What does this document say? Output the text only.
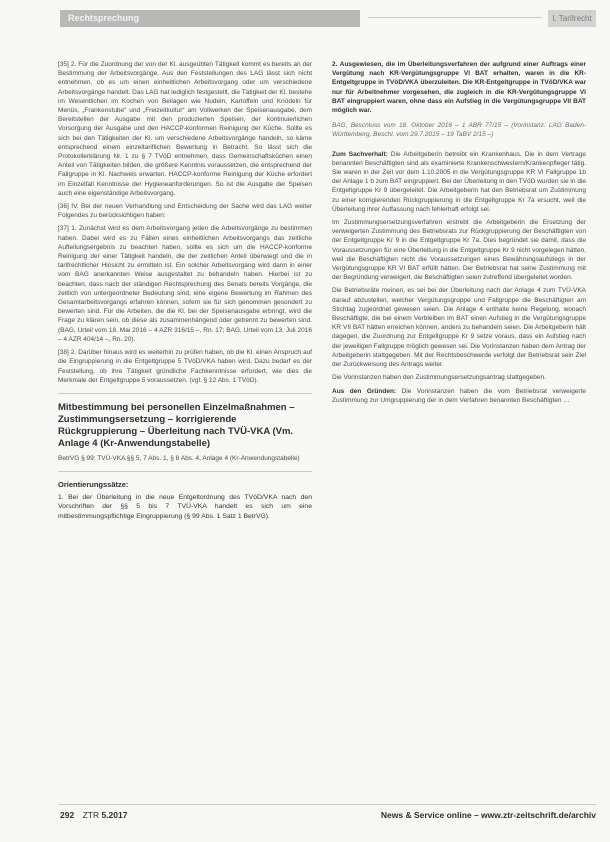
Rechtsprechung	I. Tarifrecht

[35] 2. Für die Zuordnung der von der Kl. ausgeübten Tätigkeit kommt es bereits an der Bestimmung der Arbeitsvorgänge. Aus den Feststellungen des LAG lässt sich nicht entnehmen, ob es um einen einheitlichen Arbeitsvorgang oder um verschiedene Arbeitsvorgänge handelt. Das LAG hat lediglich festgestellt, die Tätigkeit der Kl. bestehe im Wesentlichen im Kochen von Beilagen wie Nudeln, Kartoffeln und Knödeln für Menüs, „Frankenstube“ und „Freizeitkultur“ am Vollwerken der Speisenausgabe, dem Bereitstellen der Ausgabe mit den produzierten Speisen, der kontinuierlichen Vorsorgung der Ausgabe und den HACCP-konformen Reinigung der Küche. Sollte es sich bei den Tätigkeiten der Kl. um verschiedene Arbeitsvorgänge handeln, so käme entsprechend einem einzeltariflichen Bewertung in Betracht. So lässt sich die Protokollerklärung Nr. 1 zu § 7 TVöD entnehmen, dass Gemeinschaftsküchen einen Anteil von Tätigkeiten bilden, die größere Kenntnis voraussetzen, die entsprechend der Fallgruppe in Kl. Nachweis erwarten. HACCP-konforme Reinigung der Küche erfordert im Einzelfall Kenntnisse der Hygieneanforderungen. So ist die Ausgabe der Speisen auch eine eigenständige Arbeitsvorgang.

[36] IV. Bei der neuen Verhandlung und Entscheidung der Sache wird das LAG weiter Folgendes zu berücksichtigen haben:

[37] 1. Zunächst wird es dem Arbeitsvorgang jeden die Arbeitsvorgänge zu bestimmen haben. Dabei wird es zu Fällen eines einheitlichen Arbeitsvorgangs das zeitliche Aufteilungsergebnis zu beachten haben, sollte es sich um die HACCP-konforme Reinigung der einer Tätigkeit handeln, die der zeitlichen Anteil überwiegt und die in tarifrechtlicher Hinsicht zu ermitteln ist. Ein solcher Arbeitsvorgang wird dann in einer vom BAG anerkannten Weise ausgestaltet zu behandeln haben. Hierbei ist zu beachten, dass nach der ständigen Rechtsprechung des Senats bereits Vorgänge, die zeitlich von untergeordneter Bedeutung sind, eine eigene Bewertung im Rahmen des Gesamtarbeitsvorgangs erfahren können, sofern sie für sich genommen gesondert zu bewerten sind. Für die Arbeiten, die die Kl. bei der Speisenausgabe erbringt, wird die Frage zu klären sein, ob diese als zusammenhängend oder getrennt zu bewerten sind. (BAG, Urteil vom 18. Mai 2016 – 4 AZR 316/15 –, Rn. 17; BAG, Urteil vom 13. Juli 2016 – 4 AZR 404/14 –, Rn. 20).

[38] 2. Darüber hinaus wird es weiterhin zu prüfen haben, ob die Kl. einen Anspruch auf die Eingruppierung in die Entgeltgruppe 5 TVöD/VKA haben wird. Dazu bedarf es der Feststellung, ob ihre Tätigkeit gründliche Fachkenntnisse erfordert, wie dies die Merkmale der Entgeltgruppe 5 voraussetzen. (vgl. § 12 Abs. 1 TVöD).

Mitbestimmung bei personellen Einzelmaßnahmen – Zustimmungsersetzung – korrigierende Rückgruppierung – Überleitung nach TVÜ-VKA (Vm. Anlage 4 (Kr-Anwendungstabelle)
BetrVG § 99; TVÜ-VKA §§ 5, 7 Abs. 1, § 8 Abs. 4, Anlage 4 (Kr-Anwendungstabelle)
Orientierungssätze:
1. Bei der Überleitung in die neue Entgeltordnung des TVöD/VKA nach den Vorschriften der §§ 5 bis 7 TVÜ-VKA handelt es sich um eine mitbestimmungspflichtige Eingruppierung (§ 99 Abs. 1 Satz 1 BetrVG).

2. Ausgewiesen, die im Überleitungsverfahren der aufgrund einer Auftrags einer Vergütung nach KR-Vergütungsgruppe VI BAT erhalten, waren in die KR-Entgeltgruppe in TVöD/VKA überzuleiten. Die KR-Entgeltgruppe in TVöD/VKA war nur für Arbeitnehmer vorgesehen, die zugleich in die KR-Vergütungsgruppe VI BAT eingruppiert waren, ohne dass ein Aufstieg in die Vergütungsgruppe VII BAT möglich war.

BAG, Beschluss vom 18. Oktober 2016 – 1 ABR 77/15 – (Vorinstanz: LAG Baden-Württemberg, Beschl. vom 29.7.2015 – 19 TaBV 2/15 –)

Zum Sachverhalt: Die Arbeitgeberin betreibt ein Krankenhaus. Die in dem Vertrage benannten Beschäftigten sind als examinierte Krankenschwestern/Krankenpfleger tätig. Sie waren in der Zeit vor dem 1.10.2005 in die Vergütungsgruppe KR VI Fallgruppe 1b der Anlage 1 b zum BAT eingruppiert. Bei der Überleitung in den TVöD wurden sie in die Entgeltgruppe Kr 9 übergeleitet. Die Arbeitgeberin hat den Betriebsrat um Zustimmung zu einer korrigierenden Rückgruppierung in die Entgeltgruppe Kr 7a ersucht, weil die Überleitung ihrer Auffassung nach fehlerhaft erfolgt sei.

Im Zustimmungsersetzungsverfahren erstrebt die Arbeitgeberin die Ersetzung der verweigerten Zustimmung des Betriebsrats zur Rückgruppierung der Beschäftigten von der Entgeltgruppe Kr 9 in die Entgeltgruppe Kr 7a. Dies begründet sie damit, dass die Voraussetzungen für eine Überleitung in die Entgeltgruppe Kr 9 nicht vorgelegen hätten, weil die Beschäftigten nicht die Voraussetzungen eines Bewährungsaufstiegs in der Vergütungsgruppe KR VI BAT erfüllt hätten. Der Betriebsrat hat seine Zustimmung mit der Begründung verweigert, die Beschäftigten seien zutreffend übergeleitet worden.

Die Betriebsräte meinen, es sei bei der Überleitung nach der Anlage 4 zum TVÜ-VKA darauf abzustellen, welcher Vergütungsgruppe und Fallgruppe die Beschäftigten am Stichtag zugeordnet gewesen seien. Die Anlage 4 enthalte keine Regelung, wonach Beschäftigte, die bei einem Verbleiben im BAT einen Aufstieg in die Vergütungsgruppe KR VII BAT hätten erreichen können, anders zu behandeln seien. Die Arbeitgeberin hält dagegen, die Zuordnung zur Entgeltgruppe Kr 9 setze voraus, dass ein Aufstieg nach der jeweiligen Fallgruppe möglich gewesen sei. Die Vorinstanzen haben dem Antrag der Arbeitgeberin stattgegeben. Mit der Rechtsbeschwerde verfolgt der Betriebsrat sein Ziel der Zurückweisung des Antrags weiter.

Die Vorinstanzen haben den Zustimmungsersetzungsantrag stattgegeben.

Aus den Gründen: Die Vorinstanzen haben die vom Betriebsrat verweigerte Zustimmung zur Umgruppierung der in dem Verfahren benannten Beschäftigten …

292 ZTR 5.2017	News & Service online – www.ztr-zeitschrift.de/archiv
